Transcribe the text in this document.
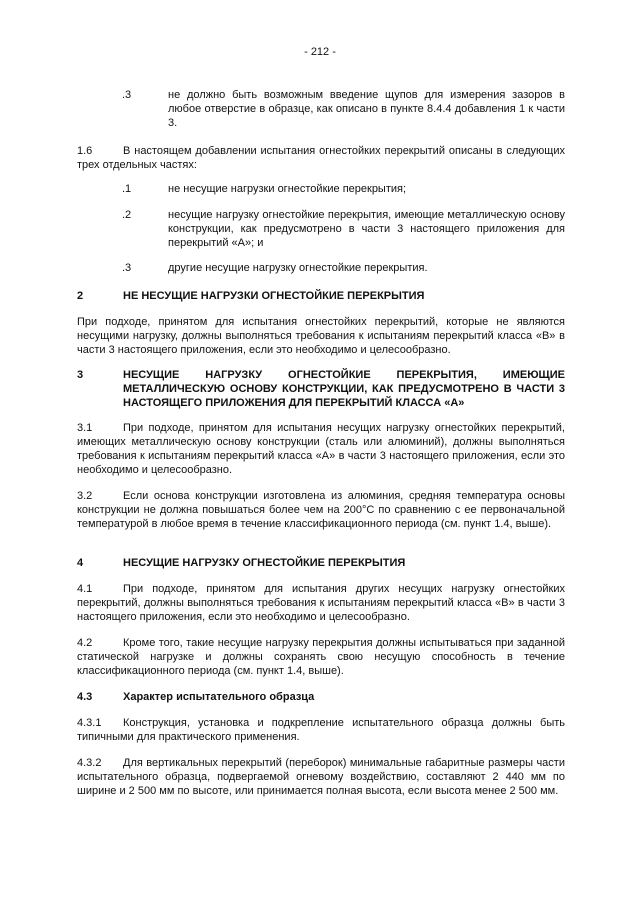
- 212 -
.3	не должно быть возможным введение щупов для измерения зазоров в любое отверстие в образце, как описано в пункте 8.4.4 добавления 1 к части 3.

1.6	В настоящем добавлении испытания огнестойких перекрытий описаны в следующих трех отдельных частях:

.1	не несущие нагрузки огнестойкие перекрытия;

.2	несущие нагрузку огнестойкие перекрытия, имеющие металлическую основу конструкции, как предусмотрено в части 3 настоящего приложения для перекрытий «А»; и

.3	другие несущие нагрузку огнестойкие перекрытия.

2	НЕ НЕСУЩИЕ НАГРУЗКИ ОГНЕСТОЙКИЕ ПЕРЕКРЫТИЯ

При подходе, принятом для испытания огнестойких перекрытий, которые не являются несущими нагрузку, должны выполняться требования к испытаниям перекрытий класса «В» в части 3 настоящего приложения, если это необходимо и целесообразно.

3	НЕСУЩИЕ НАГРУЗКУ ОГНЕСТОЙКИЕ ПЕРЕКРЫТИЯ, ИМЕЮЩИЕ МЕТАЛЛИЧЕСКУЮ ОСНОВУ КОНСТРУКЦИИ, КАК ПРЕДУСМОТРЕНО В ЧАСТИ 3 НАСТОЯЩЕГО ПРИЛОЖЕНИЯ ДЛЯ ПЕРЕКРЫТИЙ КЛАССА «А»
3.1	При подходе, принятом для испытания несущих нагрузку огнестойких перекрытий, имеющих металлическую основу конструкции (сталь или алюминий), должны выполняться требования к испытаниям перекрытий класса «А» в части 3 настоящего приложения, если это необходимо и целесообразно.

3.2	Если основа конструкции изготовлена из алюминия, средняя температура основы конструкции не должна повышаться более чем на 200°C по сравнению с ее первоначальной температурой в любое время в течение классификационного периода (см. пункт 1.4, выше).

4	НЕСУЩИЕ НАГРУЗКУ ОГНЕСТОЙКИЕ ПЕРЕКРЫТИЯ
4.1	При подходе, принятом для испытания других несущих нагрузку огнестойких перекрытий, должны выполняться требования к испытаниям перекрытий класса «В» в части 3 настоящего приложения, если это необходимо и целесообразно.

4.2	Кроме того, такие несущие нагрузку перекрытия должны испытываться при заданной статической нагрузке и должны сохранять свою несущую способность в течение классификационного периода (см. пункт 1.4, выше).

4.3	Характер испытательного образца
4.3.1	Конструкция, установка и подкрепление испытательного образца должны быть типичными для практического применения.

4.3.2	Для вертикальных перекрытий (переборок) минимальные габаритные размеры части испытательного образца, подвергаемой огневому воздействию, составляют 2 440 мм по ширине и 2 500 мм по высоте, или принимается полная высота, если высота менее 2 500 мм.
